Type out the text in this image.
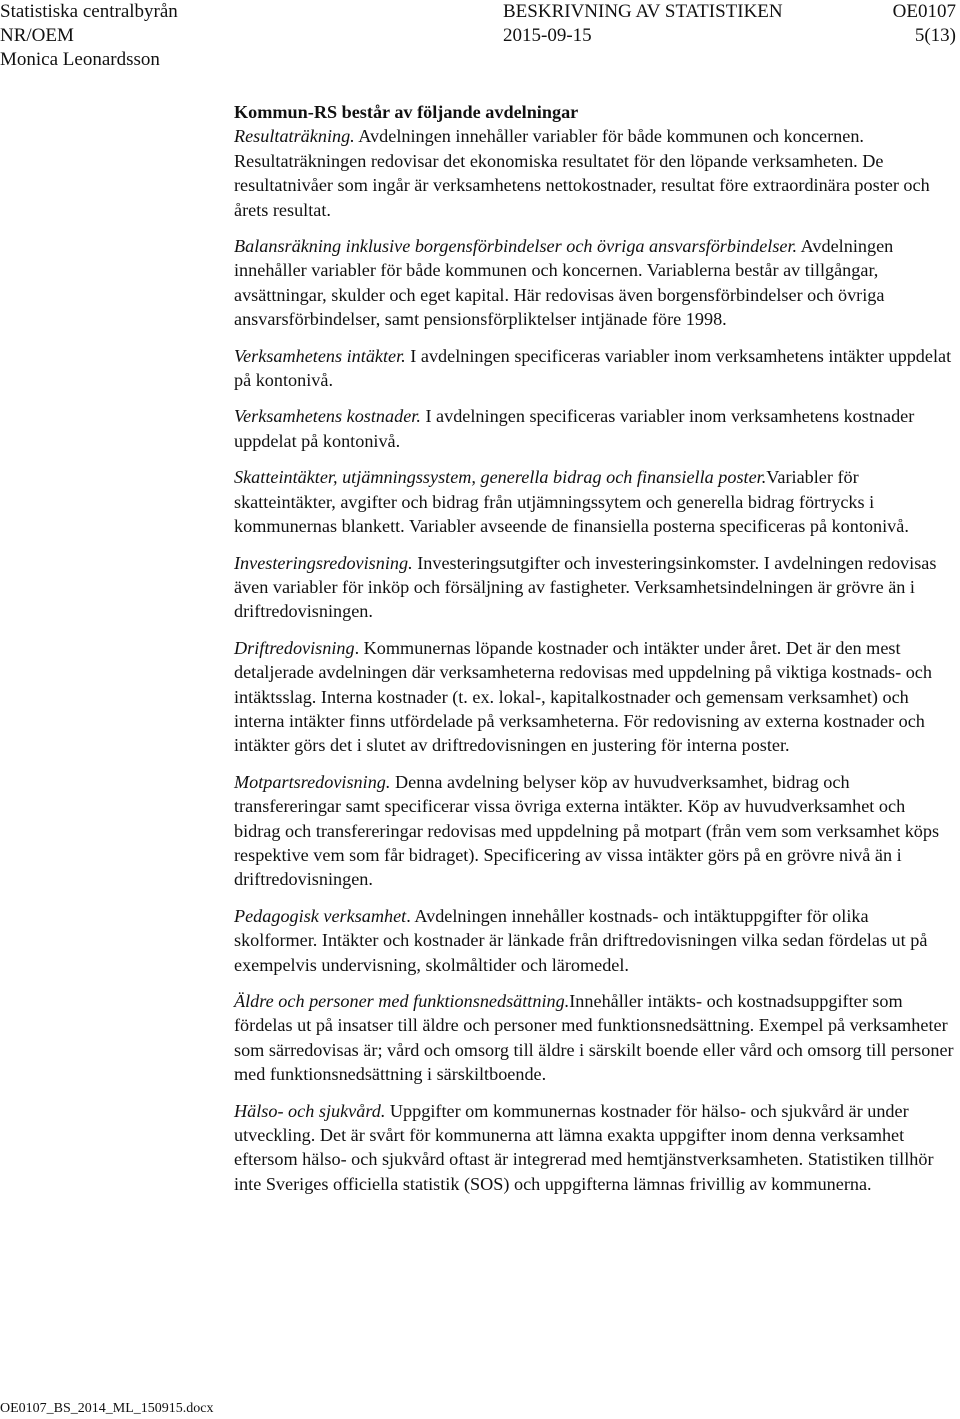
Statistiska centralbyrån	BESKRIVNING AV STATISTIKEN	OE0107
NR/OEM	2015-09-15	5(13)
Monica Leonardsson

Kommun-RS består av följande avdelningar

Resultaträkning. Avdelningen innehåller variabler för både kommunen och koncernen. Resultaträkningen redovisar det ekonomiska resultatet för den löpande verksamheten. De resultatnivåer som ingår är verksamhetens nettokostnader, resultat före extraordinära poster och årets resultat.

Balansräkning inklusive borgensförbindelser och övriga ansvarsförbindelser. Avdelningen innehåller variabler för både kommunen och koncernen. Variablerna består av tillgångar, avsättningar, skulder och eget kapital. Här redovisas även borgensförbindelser och övriga ansvarsförbindelser, samt pensionsförpliktelser intjänade före 1998.

Verksamhetens intäkter. I avdelningen specificeras variabler inom verksamhetens intäkter uppdelat på kontonivå.

Verksamhetens kostnader. I avdelningen specificeras variabler inom verksamhetens kostnader uppdelat på kontonivå.

Skatteintäkter, utjämningssystem, generella bidrag och finansiella poster.Variabler för skatteintäkter, avgifter och bidrag från utjämningssytem och generella bidrag förtrycks i kommunernas blankett. Variabler avseende de finansiella posterna specificeras på kontonivå.

Investeringsredovisning. Investeringsutgifter och investeringsinkomster. I avdelningen redovisas även variabler för inköp och försäljning av fastigheter. Verksamhetsindelningen är grövre än i driftredovisningen.

Driftredovisning. Kommunernas löpande kostnader och intäkter under året. Det är den mest detaljerade avdelningen där verksamheterna redovisas med uppdelning på viktiga kostnads- och intäktsslag. Interna kostnader (t. ex. lokal-, kapitalkostnader och gemensam verksamhet) och interna intäkter finns utfördelade på verksamheterna. För redovisning av externa kostnader och intäkter görs det i slutet av driftredovisningen en justering för interna poster.

Motpartsredovisning. Denna avdelning belyser köp av huvudverksamhet, bidrag och transfereringar samt specificerar vissa övriga externa intäkter. Köp av huvudverksamhet och bidrag och transfereringar redovisas med uppdelning på motpart (från vem som verksamhet köps respektive vem som får bidraget). Specificering av vissa intäkter görs på en grövre nivå än i driftredovisningen.

Pedagogisk verksamhet. Avdelningen innehåller kostnads- och intäktuppgifter för olika skolformer. Intäkter och kostnader är länkade från driftredovisningen vilka sedan fördelas ut på exempelvis undervisning, skolmåltider och läromedel.

Äldre och personer med funktionsnedsättning.Innehåller intäkts- och kostnadsuppgifter som fördelas ut på insatser till äldre och personer med funktionsnedsättning. Exempel på verksamheter som särredovisas är; vård och omsorg till äldre i särskilt boende eller vård och omsorg till personer med funktionsnedsättning i särskiltboende.

Hälso- och sjukvård. Uppgifter om kommunernas kostnader för hälso- och sjukvård är under utveckling. Det är svårt för kommunerna att lämna exakta uppgifter inom denna verksamhet eftersom hälso- och sjukvård oftast är integrerad med hemtjänstverksamheten. Statistiken tillhör inte Sveriges officiella statistik (SOS) och uppgifterna lämnas frivillig av kommunerna.

OE0107_BS_2014_ML_150915.docx
